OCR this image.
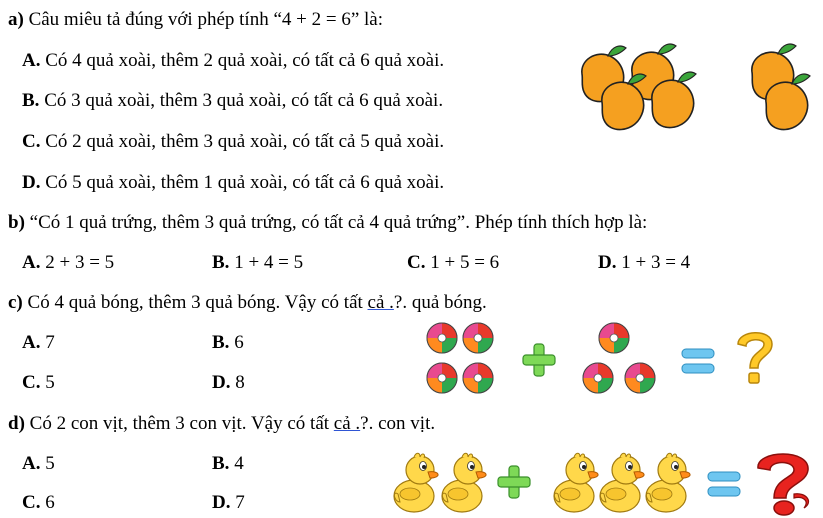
a) Câu miêu tả đúng với phép tính “4 + 2 = 6” là:
A. Có 4 quả xoài, thêm 2 quả xoài, có tất cả 6 quả xoài.
B. Có 3 quả xoài, thêm 3 quả xoài, có tất cả 6 quả xoài.
C. Có 2 quả xoài, thêm 3 quả xoài, có tất cả 5 quả xoài.
D. Có 5 quả xoài, thêm 1 quả xoài, có tất cả 6 quả xoài.
b) “Có 1 quả trứng, thêm 3 quả trứng, có tất cả 4 quả trứng”. Phép tính thích hợp là:
A. 2 + 3 = 5	B. 1 + 4 = 5	C. 1 + 5 = 6	D. 1 + 3 = 4
c) Có 4 quả bóng, thêm 3 quả bóng. Vậy có tất cả .?. quả bóng.
A. 7	B. 6
C. 5	D. 8
d) Có 2 con vịt, thêm 3 con vịt. Vậy có tất cả .?. con vịt.
A. 5	B. 4
C. 6	D. 7
